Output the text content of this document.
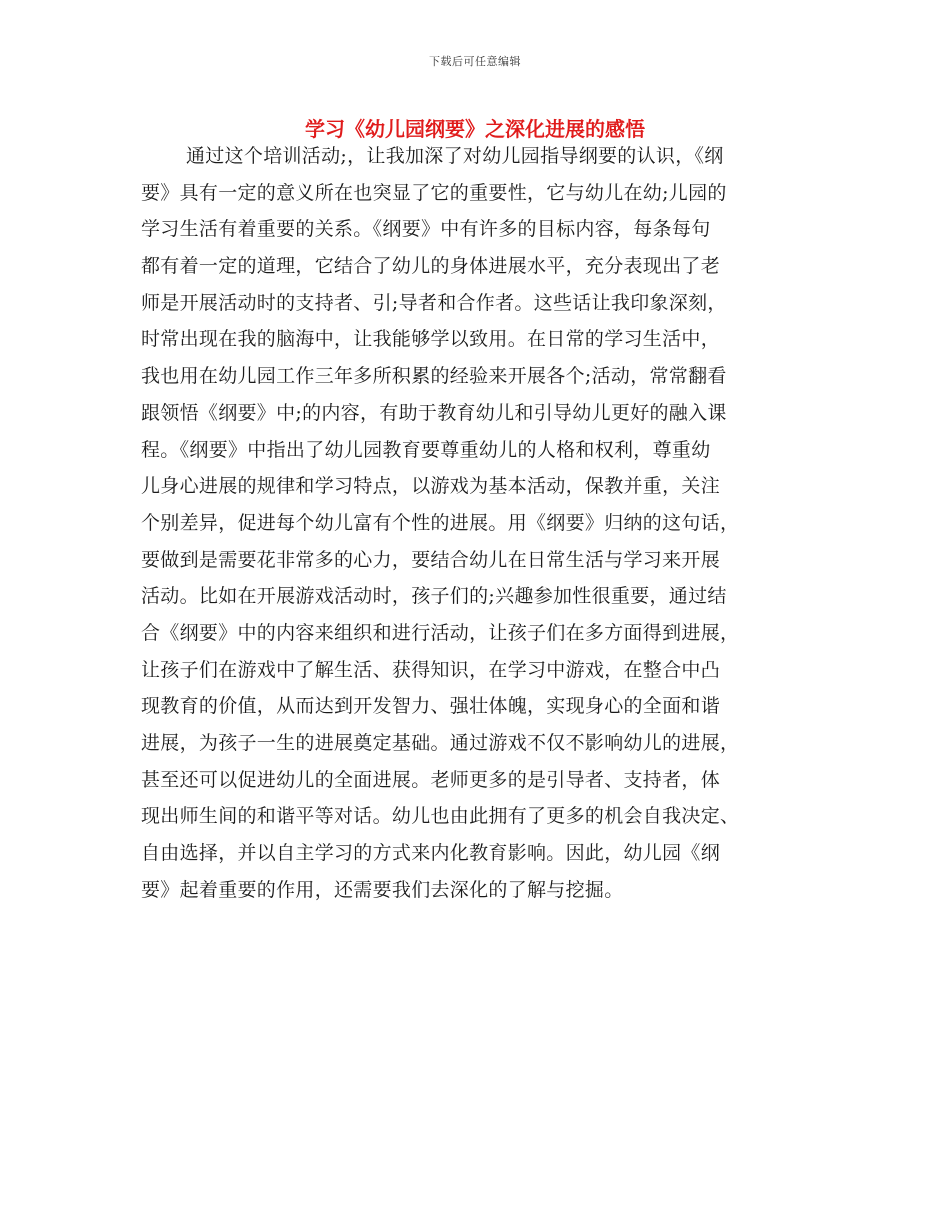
下载后可任意编辑
学习《幼儿园纲要》之深化进展的感悟
通过这个培训活动;，让我加深了对幼儿园指导纲要的认识，《纲
要》具有一定的意义所在也突显了它的重要性，它与幼儿在幼;儿园的
学习生活有着重要的关系。《纲要》中有许多的目标内容，每条每句
都有着一定的道理，它结合了幼儿的身体进展水平，充分表现出了老
师是开展活动时的支持者、引;导者和合作者。这些话让我印象深刻，
时常出现在我的脑海中，让我能够学以致用。在日常的学习生活中，
我也用在幼儿园工作三年多所积累的经验来开展各个;活动，常常翻看
跟领悟《纲要》中;的内容，有助于教育幼儿和引导幼儿更好的融入课
程。《纲要》中指出了幼儿园教育要尊重幼儿的人格和权利，尊重幼
儿身心进展的规律和学习特点，以游戏为基本活动，保教并重，关注
个别差异，促进每个幼儿富有个性的进展。用《纲要》归纳的这句话，
要做到是需要花非常多的心力，要结合幼儿在日常生活与学习来开展
活动。比如在开展游戏活动时，孩子们的;兴趣参加性很重要，通过结
合《纲要》中的内容来组织和进行活动，让孩子们在多方面得到进展，
让孩子们在游戏中了解生活、获得知识，在学习中游戏，在整合中凸
现教育的价值，从而达到开发智力、强壮体魄，实现身心的全面和谐
进展，为孩子一生的进展奠定基础。通过游戏不仅不影响幼儿的进展，
甚至还可以促进幼儿的全面进展。老师更多的是引导者、支持者，体
现出师生间的和谐平等对话。幼儿也由此拥有了更多的机会自我决定、
自由选择，并以自主学习的方式来内化教育影响。因此，幼儿园《纲
要》起着重要的作用，还需要我们去深化的了解与挖掘。
